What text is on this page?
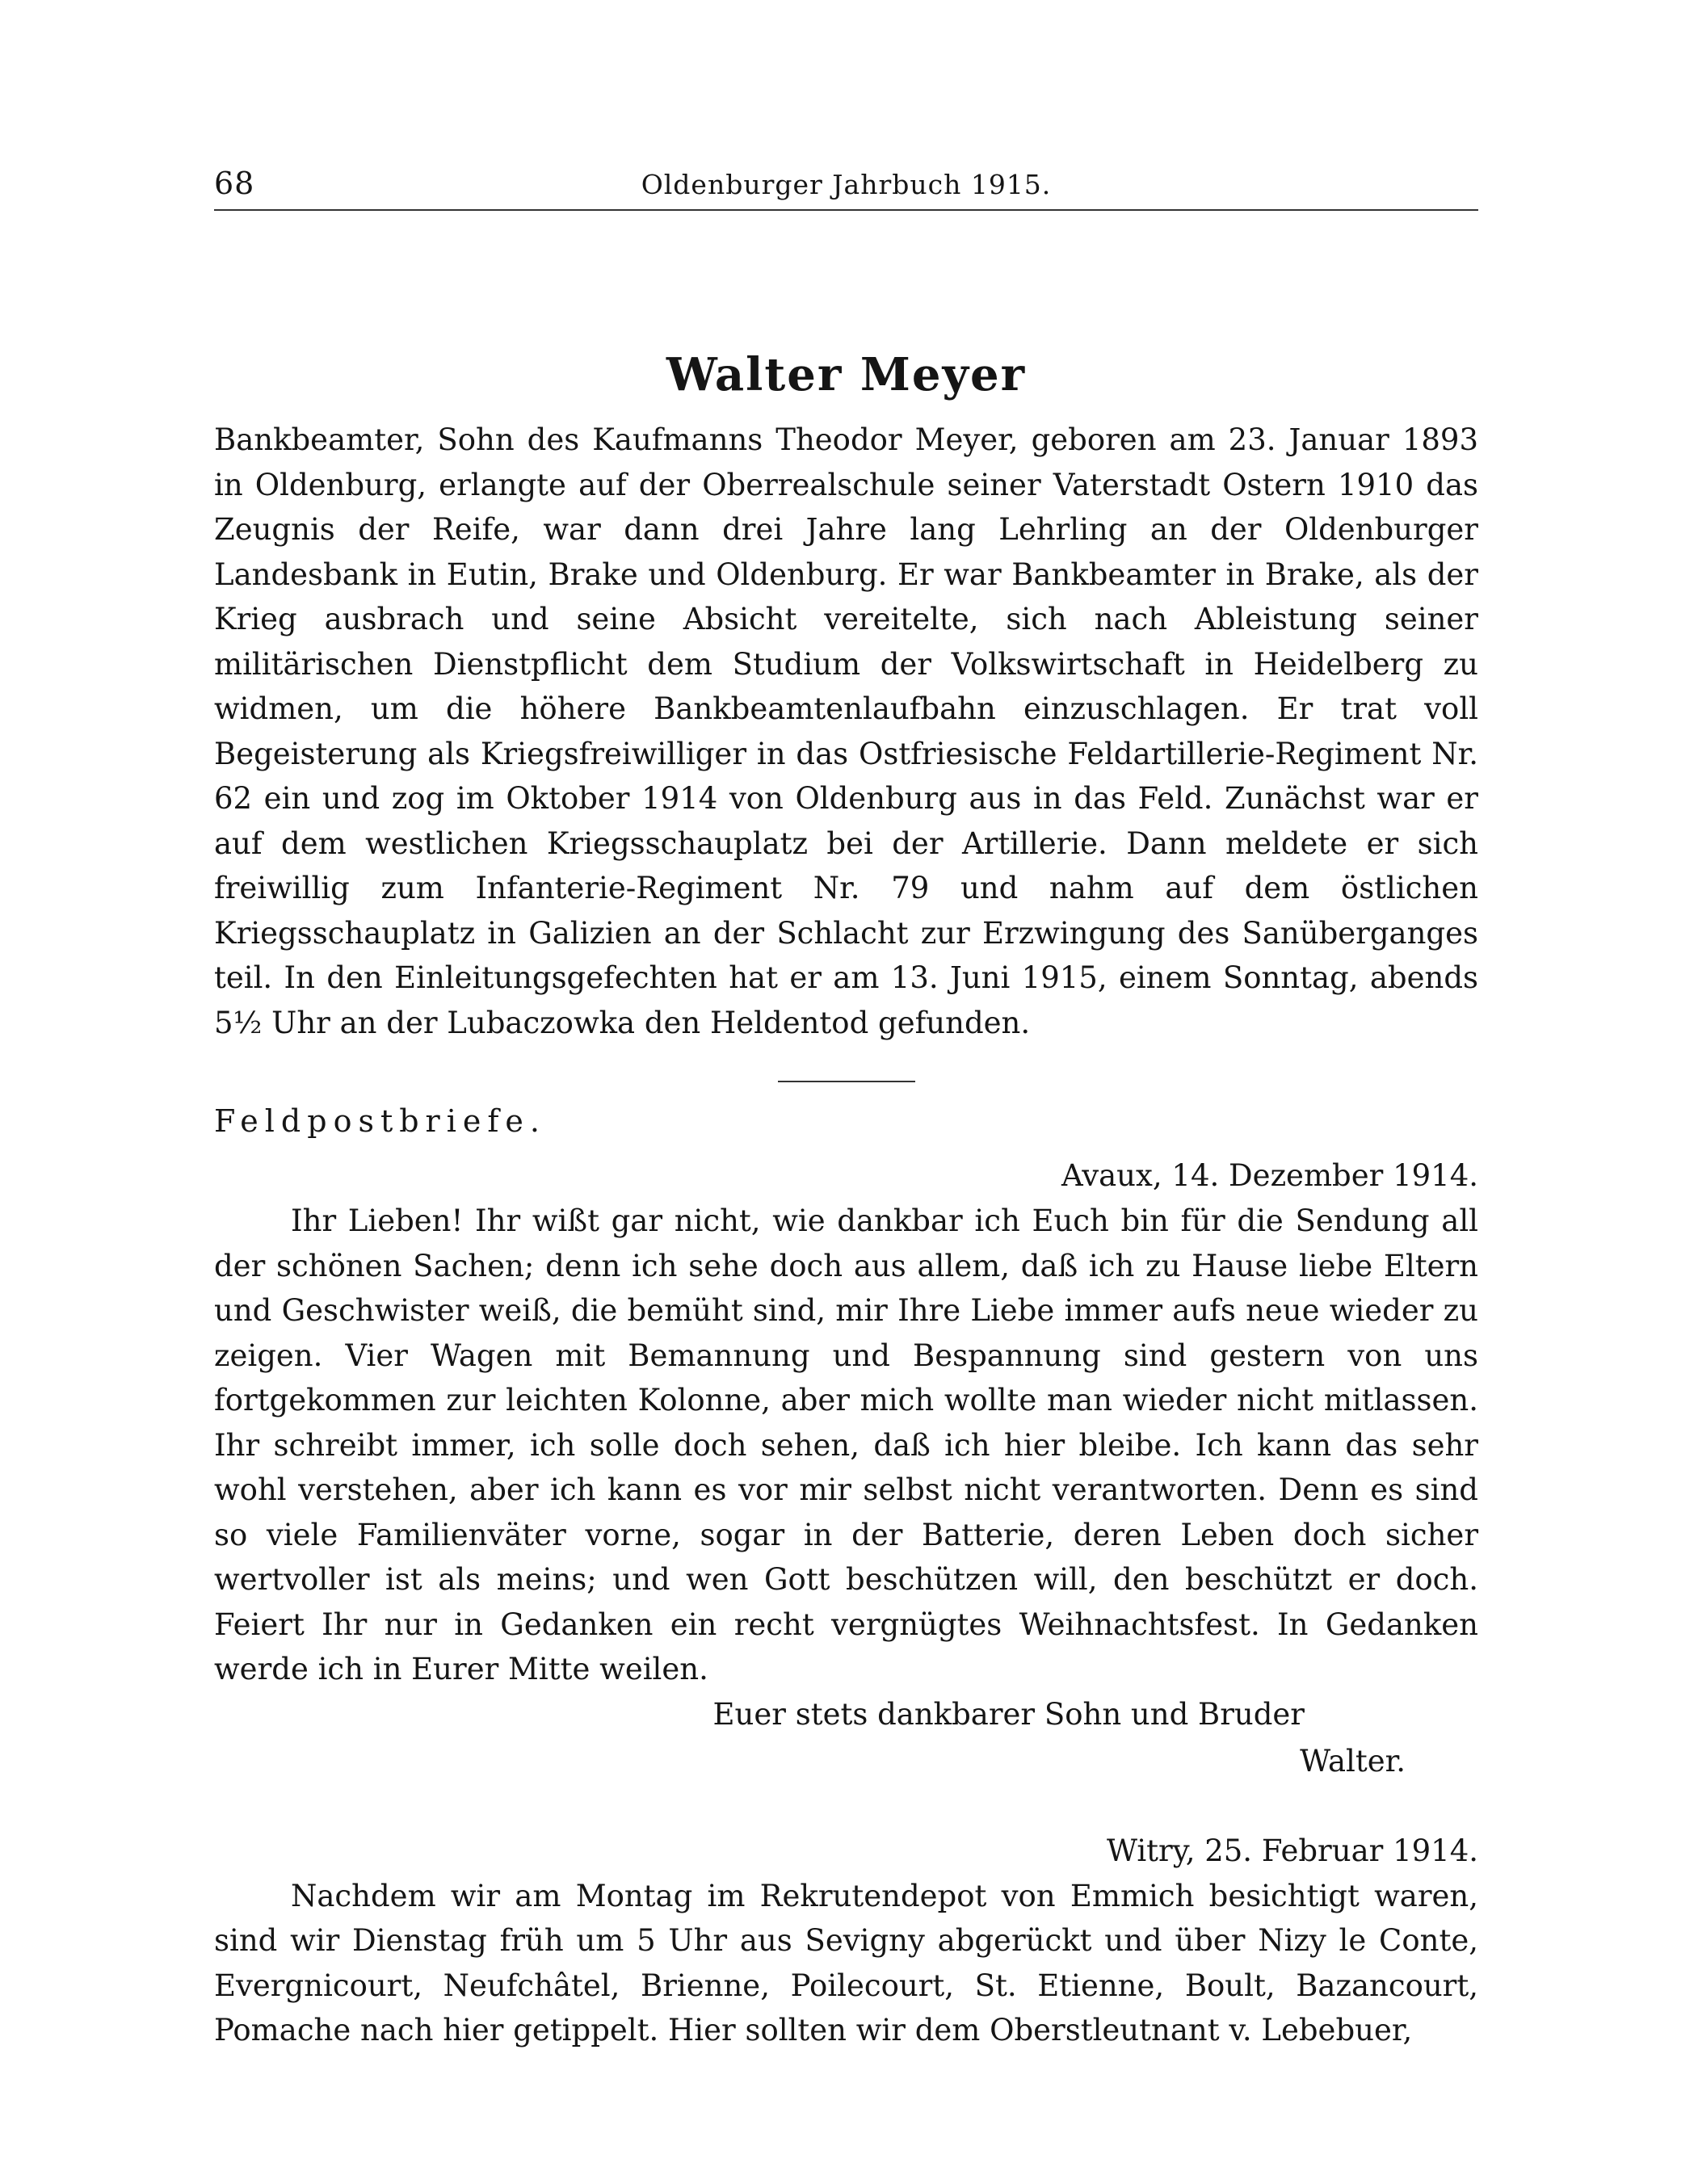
68	Oldenburger Jahrbuch 1915.
Walter Meyer

Bankbeamter, Sohn des Kaufmanns Theodor Meyer, geboren am 23. Januar 1893 in Oldenburg, erlangte auf der Oberrealschule seiner Vaterstadt Ostern 1910 das Zeugnis der Reife, war dann drei Jahre lang Lehrling an der Oldenburger Landesbank in Eutin, Brake und Oldenburg. Er war Bankbeamter in Brake, als der Krieg ausbrach und seine Absicht vereitelte, sich nach Ableistung seiner militärischen Dienstpflicht dem Studium der Volkswirtschaft in Heidelberg zu widmen, um die höhere Bankbeamtenlaufbahn einzuschlagen. Er trat voll Begeisterung als Kriegsfreiwilliger in das Ostfriesische Feldartillerie-Regiment Nr. 62 ein und zog im Oktober 1914 von Oldenburg aus in das Feld. Zunächst war er auf dem westlichen Kriegsschauplatz bei der Artillerie. Dann meldete er sich freiwillig zum Infanterie-Regiment Nr. 79 und nahm auf dem östlichen Kriegsschauplatz in Galizien an der Schlacht zur Erzwingung des Sanüberganges teil. In den Einleitungsgefechten hat er am 13. Juni 1915, einem Sonntag, abends 5½ Uhr an der Lubaczowka den Heldentod gefunden.

Feldpostbriefe.
Avaux, 14. Dezember 1914.

Ihr Lieben! Ihr wißt gar nicht, wie dankbar ich Euch bin für die Sendung all der schönen Sachen; denn ich sehe doch aus allem, daß ich zu Hause liebe Eltern und Geschwister weiß, die bemüht sind, mir Ihre Liebe immer aufs neue wieder zu zeigen. Vier Wagen mit Bemannung und Bespannung sind gestern von uns fortgekommen zur leichten Kolonne, aber mich wollte man wieder nicht mitlassen. Ihr schreibt immer, ich solle doch sehen, daß ich hier bleibe. Ich kann das sehr wohl verstehen, aber ich kann es vor mir selbst nicht verantworten. Denn es sind so viele Familienväter vorne, sogar in der Batterie, deren Leben doch sicher wertvoller ist als meins; und wen Gott beschützen will, den beschützt er doch. Feiert Ihr nur in Gedanken ein recht vergnügtes Weihnachtsfest. In Gedanken werde ich in Eurer Mitte weilen.

Euer stets dankbarer Sohn und Bruder
Walter.
Witry, 25. Februar 1914.

Nachdem wir am Montag im Rekrutendepot von Emmich besichtigt waren, sind wir Dienstag früh um 5 Uhr aus Sevigny abgerückt und über Nizy le Conte, Evergnicourt, Neufchâtel, Brienne, Poilecourt, St. Etienne, Boult, Bazancourt, Pomache nach hier getippelt. Hier sollten wir dem Oberstleutnant v. Lebebuer,
